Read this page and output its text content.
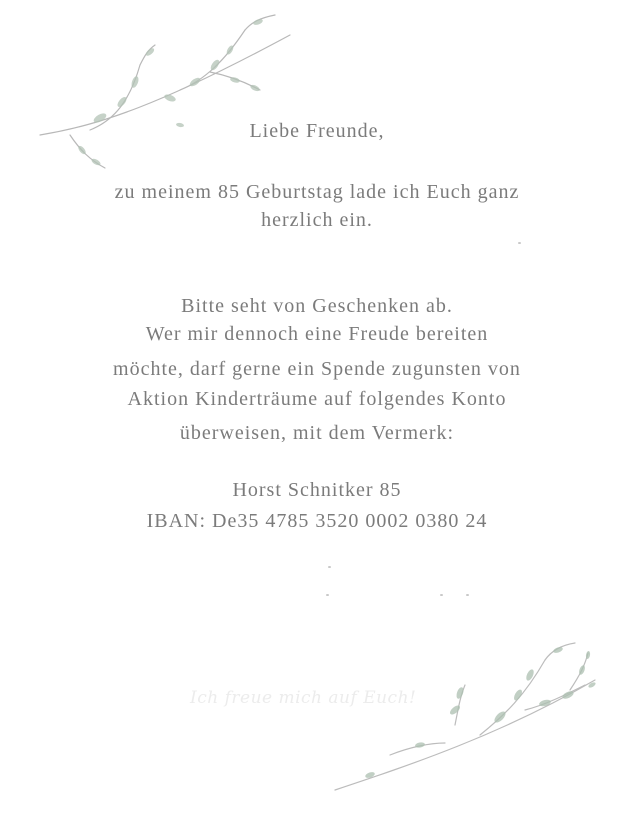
Liebe Freunde,
zu meinem 85 Geburtstag lade ich Euch ganz
herzlich ein.
Bitte seht von Geschenken ab.
Wer mir dennoch eine Freude bereiten
möchte, darf gerne ein Spende zugunsten von
Aktion Kinderträume auf folgendes Konto
überweisen, mit dem Vermerk:
Horst Schnitker 85
IBAN: De35 4785 3520 0002 0380 24
Ich freue mich auf Euch!
